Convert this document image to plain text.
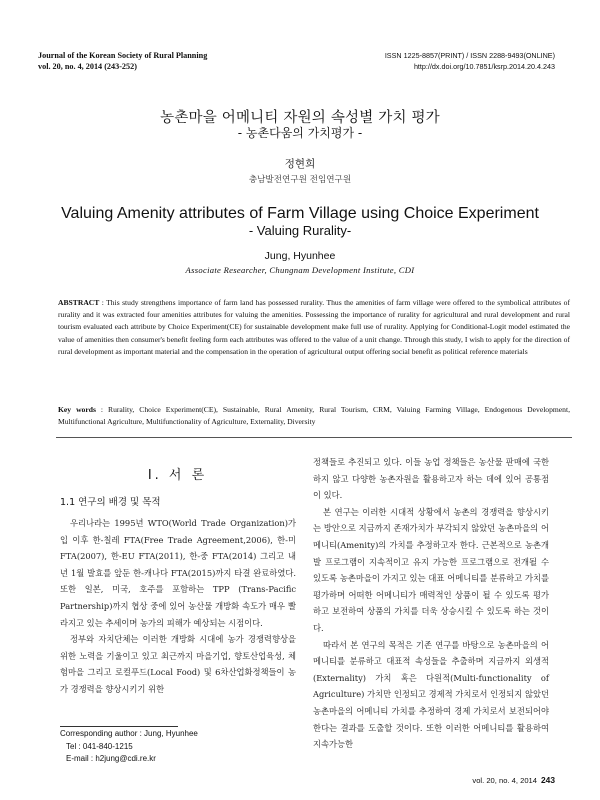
Journal of the Korean Society of Rural Planning
vol. 20, no. 4, 2014 (243-252)
ISSN 1225-8857(PRINT) / ISSN 2288-9493(ONLINE)
http://dx.doi.org/10.7851/ksrp.2014.20.4.243
농촌마을 어메니티 자원의 속성별 가치 평가
- 농촌다움의 가치평가 -
정현희
충남발전연구원 전임연구원
Valuing Amenity attributes of Farm Village using Choice Experiment
- Valuing Rurality-
Jung, Hyunhee
Associate Researcher, Chungnam Development Institute, CDI

ABSTRACT : This study strengthens importance of farm land has possessed rurality. Thus the amenities of farm village were offered to the symbolical attributes of rurality and it was extracted four amenities attributes for valuing the amenities. Possessing the importance of rurality for agricultural and rural development and rural tourism evaluated each attribute by Choice Experiment(CE) for sustainable development make full use of rurality. Applying for Conditional-Logit model estimated the value of amenities then consumer's benefit feeling form each attributes was offered to the value of a unit change. Through this study, I wish to apply for the direction of rural development as important material and the compensation in the operation of agricultural output offering social benefit as political reference materials

Key words : Rurality, Choice Experiment(CE), Sustainable, Rural Amenity, Rural Tourism, CRM, Valuing Farming Village, Endogenous Development, Multifunctional Agriculture, Multifunctionality of Agriculture, Externality, Diversity

I. 서 론
1.1 연구의 배경 및 목적

우리나라는 1995년 WTO(World Trade Organization)가입 이후 한-칠레 FTA(Free Trade Agreement,2006), 한-미 FTA(2007), 한-EU FTA(2011), 한-중 FTA(2014) 그리고 내년 1월 발효를 앞둔 한-캐나다 FTA(2015)까지 타결 완료하였다. 또한 일본, 미국, 호주를 포함하는 TPP (Trans-Pacific Partnership)까지 협상 중에 있어 농산물 개방화 속도가 매우 빨라지고 있는 추세이며 농가의 피해가 예상되는 시점이다.

정부와 자치단체는 이러한 개방화 시대에 농가 경쟁력향상을 위한 노력을 기울이고 있고 최근까지 마을기업, 향토산업육성, 체험마을 그리고 로컬푸드(Local Food) 및 6차산업화정책들이 농가 경쟁력을 향상시키기 위한

정책들로 추진되고 있다. 이들 농업 정책들은 농산물 판매에 국한하지 않고 다양한 농촌자원을 활용하고자 하는 데에 있어 공통점이 있다.

본 연구는 이러한 시대적 상황에서 농촌의 경쟁력을 향상시키는 방안으로 지금까지 존재가치가 부각되지 않았던 농촌마을의 어메니티(Amenity)의 가치를 추정하고자 한다. 근본적으로 농촌개발 프로그램이 지속적이고 유지 가능한 프로그램으로 전개될 수 있도록 농촌마을이 가지고 있는 대표 어메니티를 분류하고 가치를 평가하며 어떠한 어메니티가 매력적인 상품이 될 수 있도록 평가하고 보전하여 상품의 가치를 더욱 상승시킬 수 있도록 하는 것이다.

따라서 본 연구의 목적은 기존 연구를 바탕으로 농촌마을의 어메니티를 분류하고 대표적 속성들을 추출하며 지금까지 외생적(Externality) 가치 혹은 다원적(Multi-functionality of Agriculture) 가치만 인정되고 경제적 가치로서 인정되지 않았던 농촌마을의 어메니티 가치를 추정하여 경제 가치로서 보전되어야 한다는 결과를 도출할 것이다. 또한 이러한 어메니티를 활용하여 지속가능한

Corresponding author : Jung, Hyunhee
Tel : 041-840-1215
E-mail : h2jung@cdi.re.kr
vol. 20, no. 4, 2014 243
